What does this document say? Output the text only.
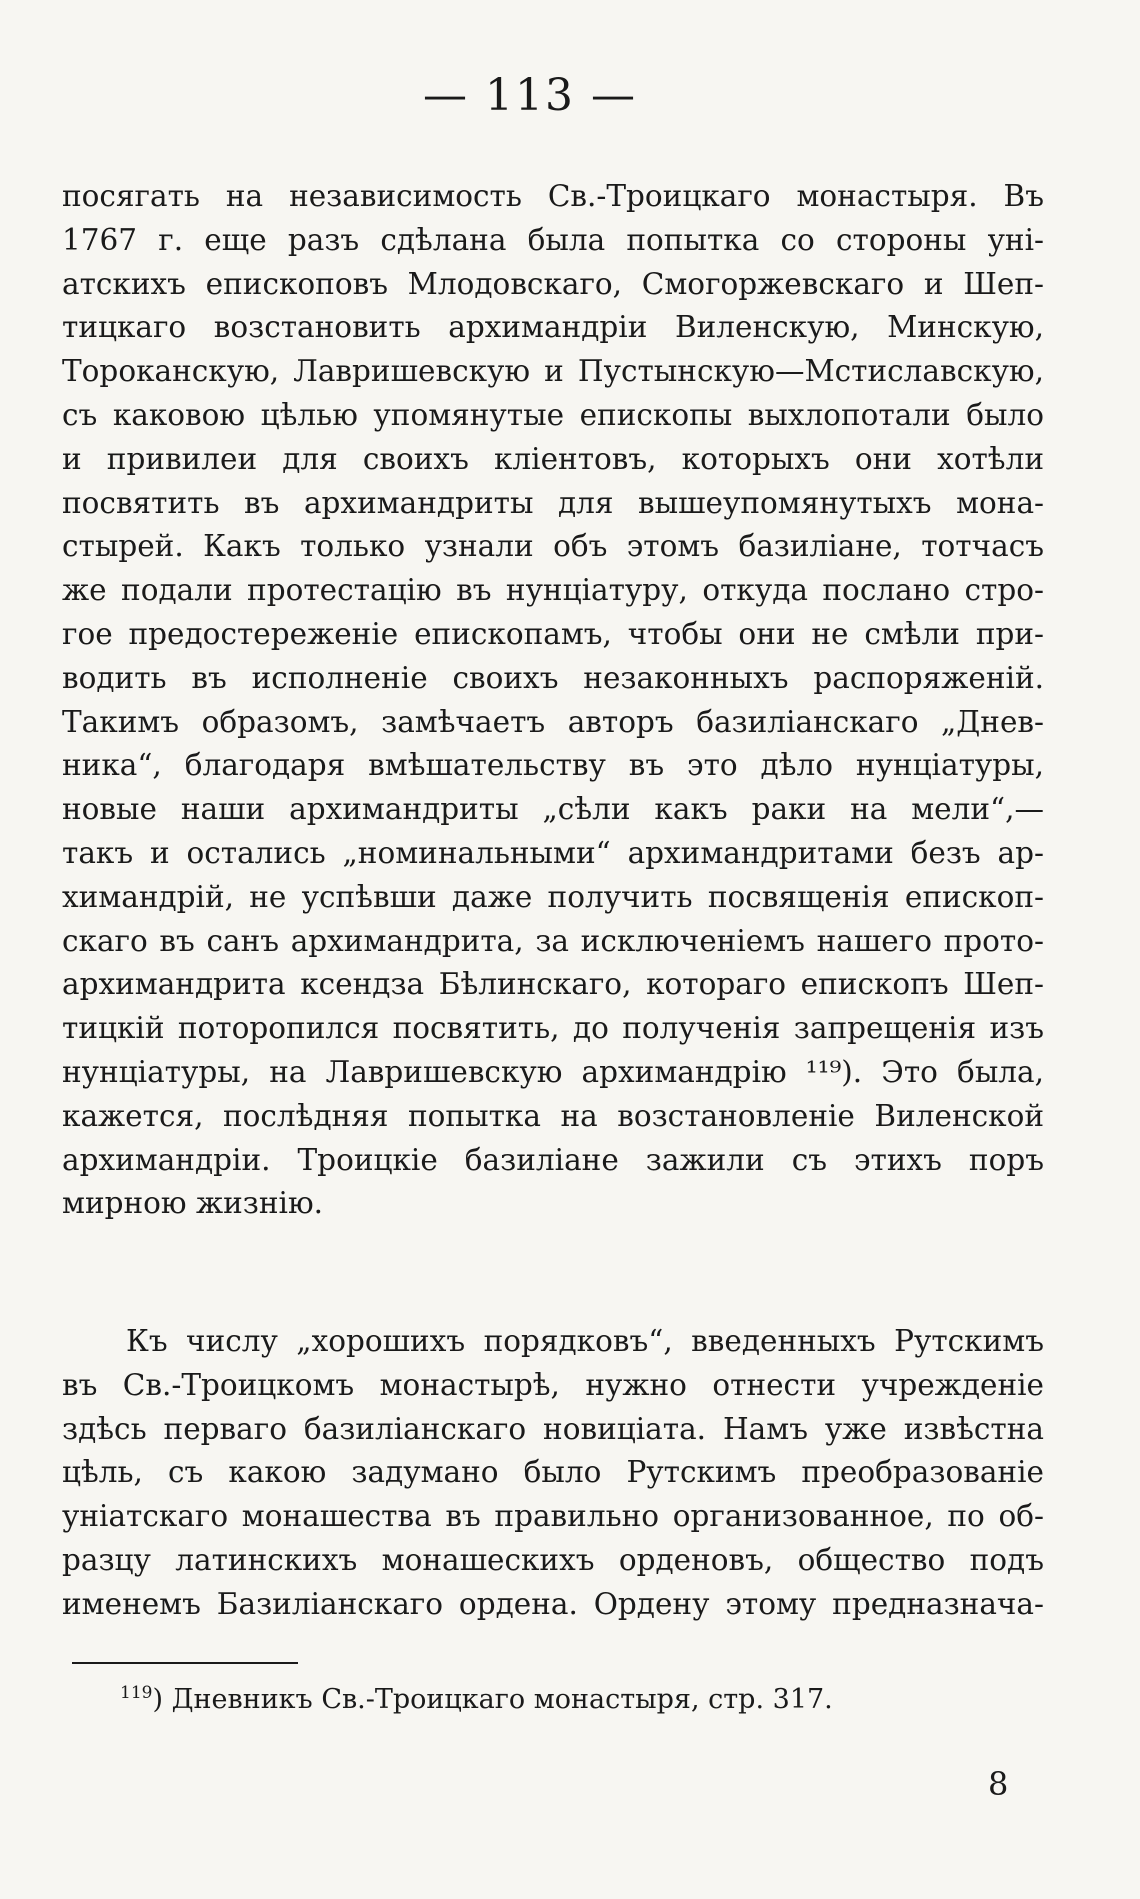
— 113 —
посягать на независимость Св.-Троицкаго монастыря. Въ
1767 г. еще разъ сдѣлана была попытка со стороны уні-
атскихъ епископовъ Млодовскаго, Смогоржевскаго и Шеп-
тицкаго возстановить архимандріи Виленскую, Минскую,
Тороканскую, Лавришевскую и Пустынскую—Мстиславскую,
съ каковою цѣлью упомянутые епископы выхлопотали было
и привилеи для своихъ кліентовъ, которыхъ они хотѣли
посвятить въ архимандриты для вышеупомянутыхъ мона-
стырей. Какъ только узнали объ этомъ базиліане, тотчасъ
же подали протестацію въ нунціатуру, откуда послано стро-
гое предостереженіе епископамъ, чтобы они не смѣли при-
водить въ исполненіе своихъ незаконныхъ распоряженій.
Такимъ образомъ, замѣчаетъ авторъ базиліанскаго „Днев-
ника“, благодаря вмѣшательству въ это дѣло нунціатуры,
новые наши архимандриты „сѣли какъ раки на мели“,—
такъ и остались „номинальными“ архимандритами безъ ар-
химандрій, не успѣвши даже получить посвященія епископ-
скаго въ санъ архимандрита, за исключеніемъ нашего прото-
архимандрита ксендза Бѣлинскаго, котораго епископъ Шеп-
тицкій поторопился посвятить, до полученія запрещенія изъ
нунціатуры, на Лавришевскую архимандрію ¹¹⁹). Это была,
кажется, послѣдняя попытка на возстановленіе Виленской
архимандріи. Троицкіе базиліане зажили съ этихъ поръ
мирною жизнію.
Къ числу „хорошихъ порядковъ“, введенныхъ Рутскимъ
въ Св.-Троицкомъ монастырѣ, нужно отнести учрежденіе
здѣсь перваго базиліанскаго новиціата. Намъ уже извѣстна
цѣль, съ какою задумано было Рутскимъ преобразованіе
уніатскаго монашества въ правильно организованное, по об-
разцу латинскихъ монашескихъ орденовъ, общество подъ
именемъ Базиліанскаго ордена. Ордену этому предназнача-
$^{119}$) Дневникъ Св.-Троицкаго монастыря, стр. 317.
8
